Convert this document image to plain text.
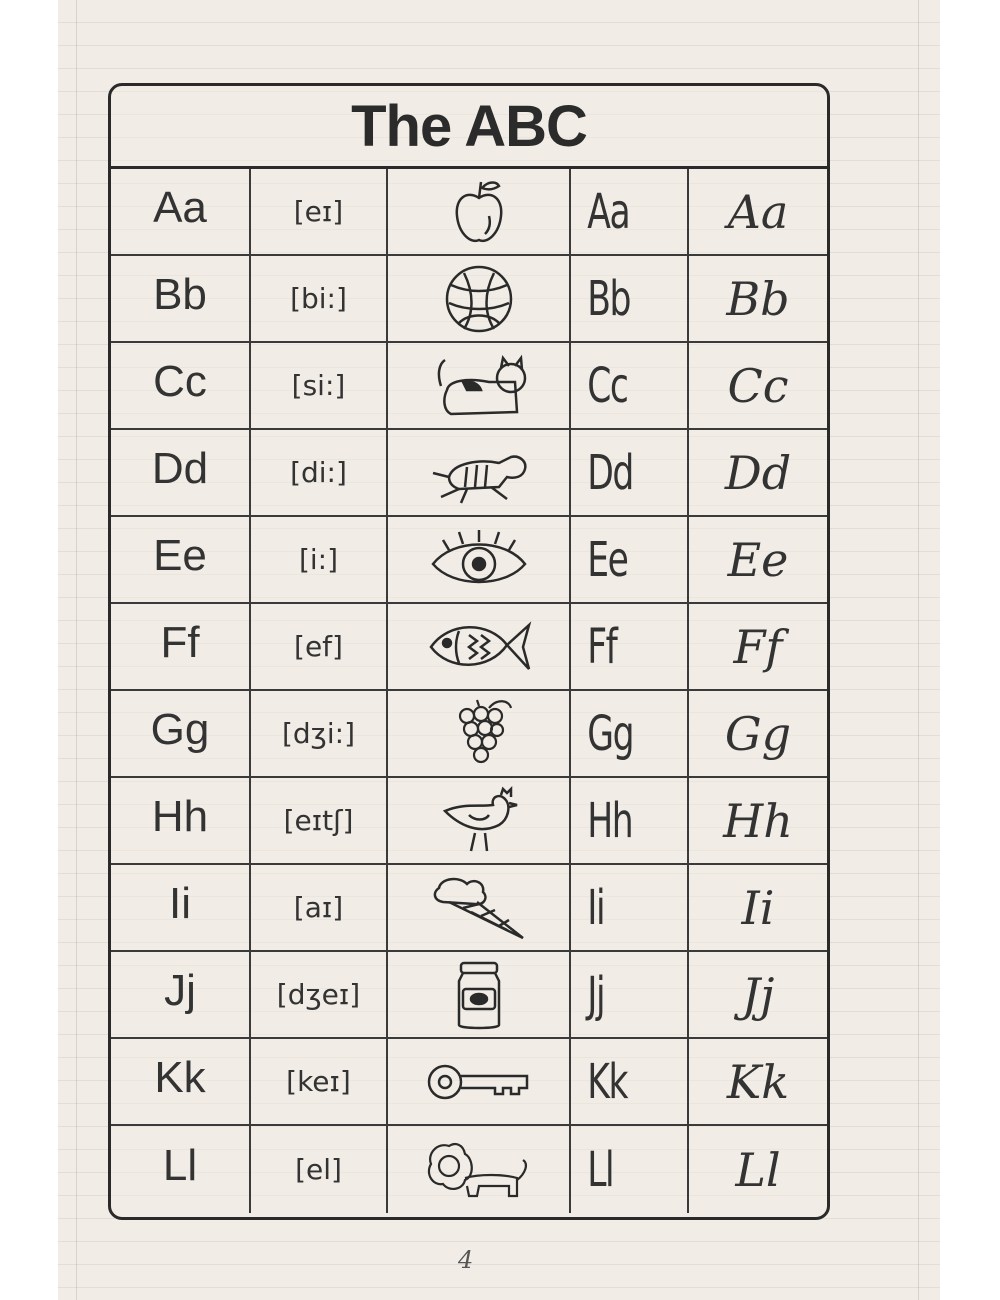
The ABC
Aa	[eɪ]	Aa	Aa
Bb	[bi:]	Bb	Bb
Cc	[si:]	Cc	Cc
Dd	[di:]	Dd	Dd
Ee	[i:]	Ee	Ee
Ff	[ef]	Ff	Ff
Gg	[dʒi:]	Gg	Gg
Hh	[eɪtʃ]	Hh	Hh
Ii	[aɪ]	Ii	Ii
Jj	[dʒeɪ]	Jj	Jj
Kk	[keɪ]	Kk	Kk
Ll	[el]	Ll	Ll
4
